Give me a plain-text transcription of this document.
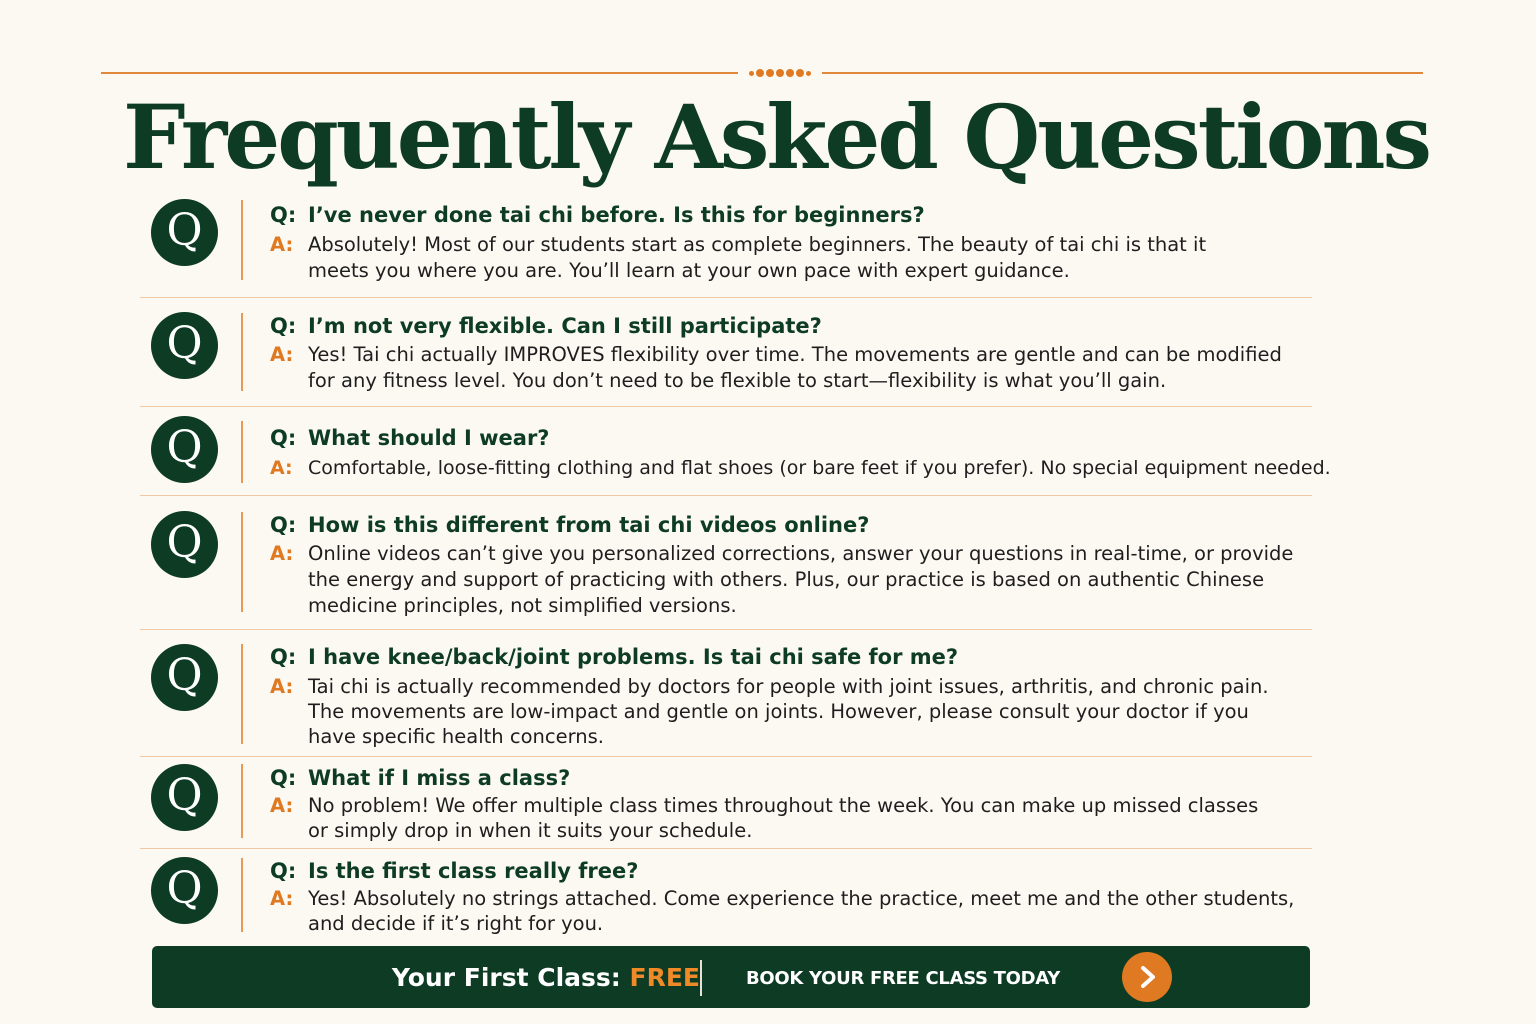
Frequently Asked Questions
Q	Q: I’ve never done tai chi before. Is this for beginners?
A: Absolutely! Most of our students start as complete beginners. The beauty of tai chi is that it meets you where you are. You’ll learn at your own pace with expert guidance.
Q	Q: I’m not very flexible. Can I still participate?
A: Yes! Tai chi actually IMPROVES flexibility over time. The movements are gentle and can be modified for any fitness level. You don’t need to be flexible to start—flexibility is what you’ll gain.
Q	Q: What should I wear?
A: Comfortable, loose-fitting clothing and flat shoes (or bare feet if you prefer). No special equipment needed.
Q	Q: How is this different from tai chi videos online?
A: Online videos can’t give you personalized corrections, answer your questions in real-time, or provide the energy and support of practicing with others. Plus, our practice is based on authentic Chinese medicine principles, not simplified versions.
Q	Q: I have knee/back/joint problems. Is tai chi safe for me?
A: Tai chi is actually recommended by doctors for people with joint issues, arthritis, and chronic pain. The movements are low-impact and gentle on joints. However, please consult your doctor if you have specific health concerns.
Q	Q: What if I miss a class?
A: No problem! We offer multiple class times throughout the week. You can make up missed classes or simply drop in when it suits your schedule.
Q	Q: Is the first class really free?
A: Yes! Absolutely no strings attached. Come experience the practice, meet me and the other students, and decide if it’s right for you.
Your First Class: FREE	BOOK YOUR FREE CLASS TODAY
